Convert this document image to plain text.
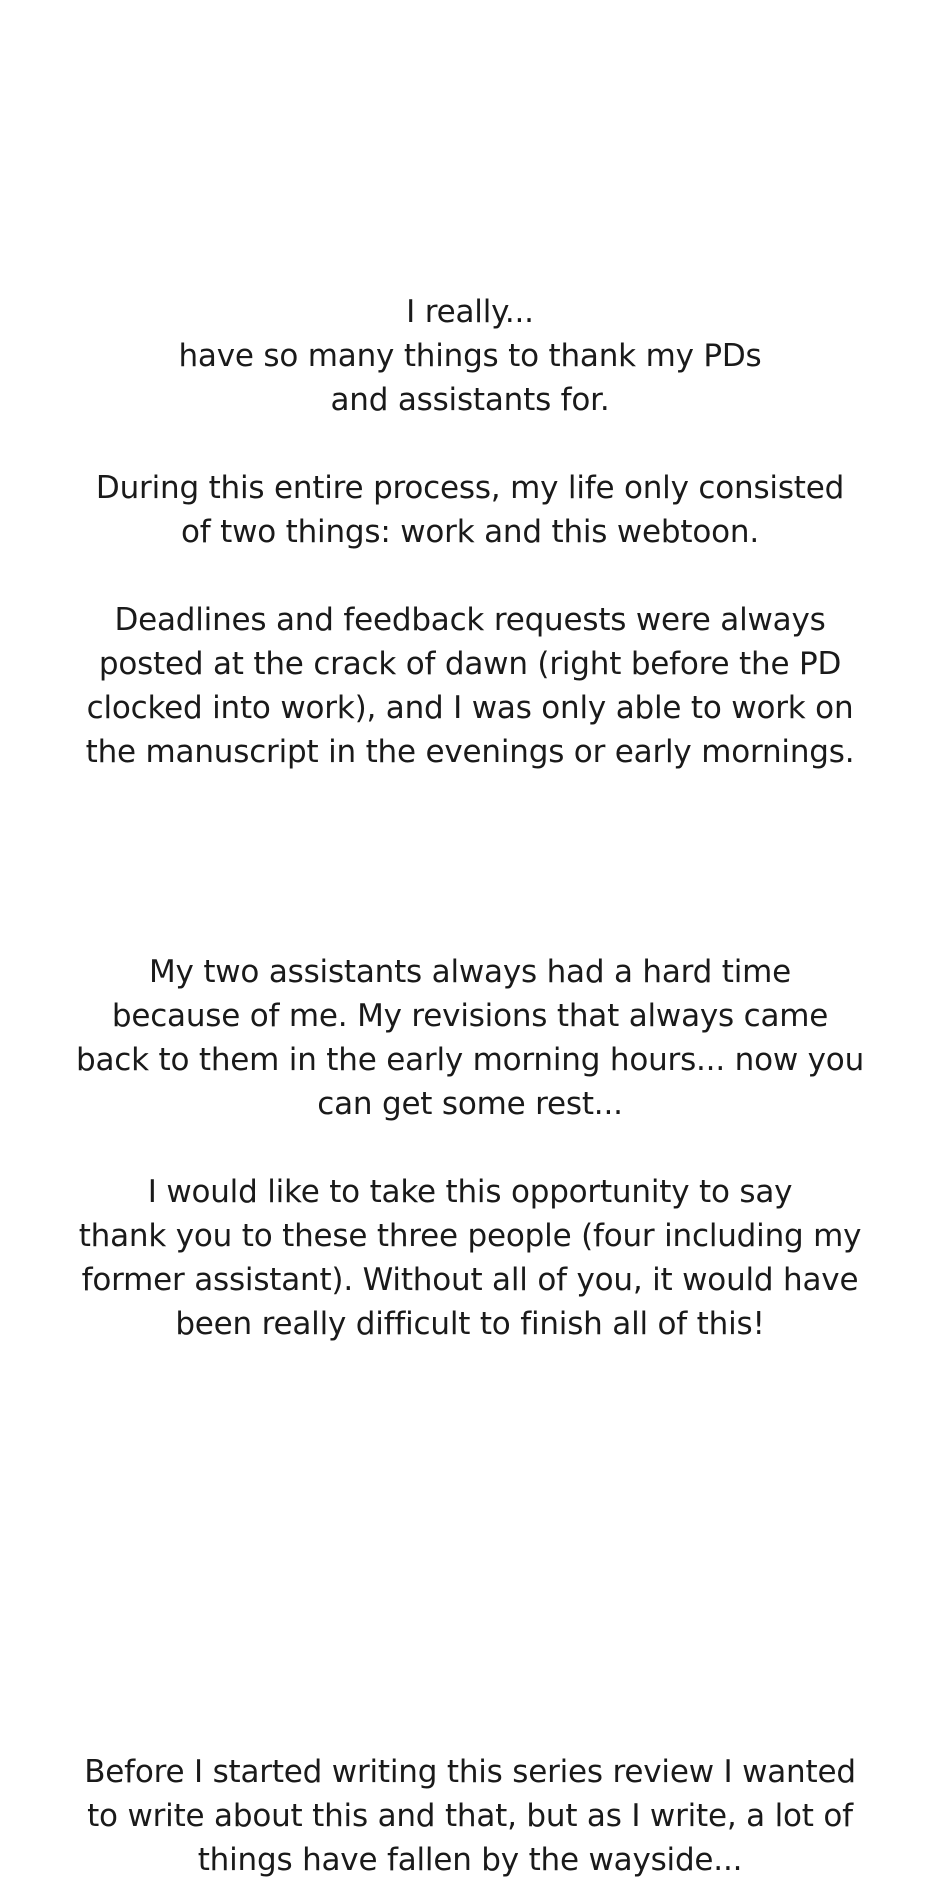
I really...
have so many things to thank my PDs
and assistants for.

During this entire process, my life only consisted
of two things: work and this webtoon.

Deadlines and feedback requests were always
posted at the crack of dawn (right before the PD
clocked into work), and I was only able to work on
the manuscript in the evenings or early mornings.

My two assistants always had a hard time
because of me. My revisions that always came
back to them in the early morning hours... now you
can get some rest...

I would like to take this opportunity to say
thank you to these three people (four including my
former assistant). Without all of you, it would have
been really difficult to finish all of this!

Before I started writing this series review I wanted
to write about this and that, but as I write, a lot of
things have fallen by the wayside...
